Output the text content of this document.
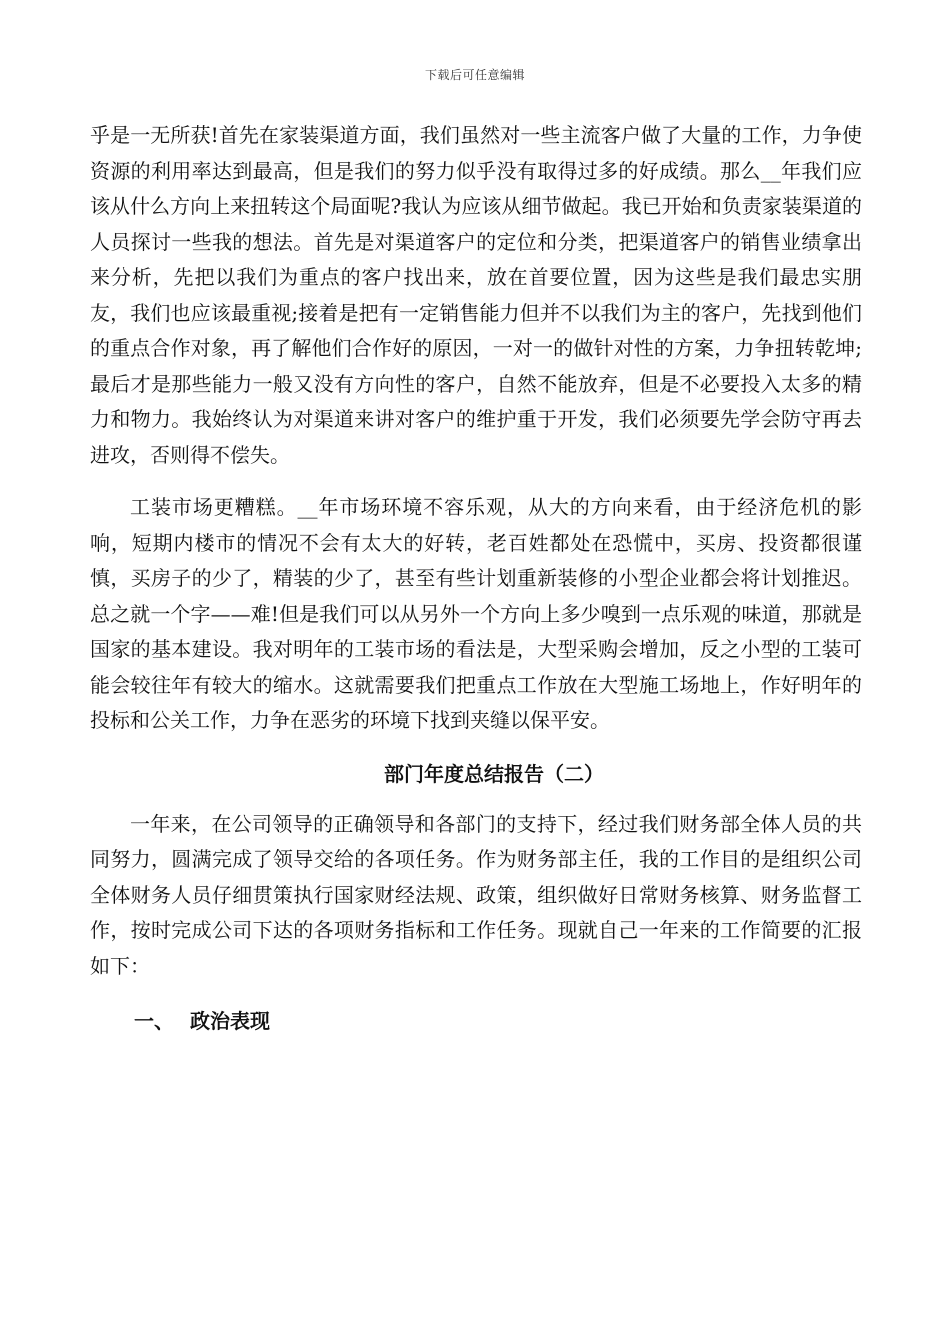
下载后可任意编辑

乎是一无所获!首先在家装渠道方面，我们虽然对一些主流客户做了大量的工作，力争使资源的利用率达到最高，但是我们的努力似乎没有取得过多的好成绩。那么__年我们应该从什么方向上来扭转这个局面呢?我认为应该从细节做起。我已开始和负责家装渠道的人员探讨一些我的想法。首先是对渠道客户的定位和分类，把渠道客户的销售业绩拿出来分析，先把以我们为重点的客户找出来，放在首要位置，因为这些是我们最忠实朋友，我们也应该最重视;接着是把有一定销售能力但并不以我们为主的客户，先找到他们的重点合作对象，再了解他们合作好的原因，一对一的做针对性的方案，力争扭转乾坤;最后才是那些能力一般又没有方向性的客户，自然不能放弃，但是不必要投入太多的精力和物力。我始终认为对渠道来讲对客户的维护重于开发，我们必须要先学会防守再去进攻，否则得不偿失。

工装市场更糟糕。__年市场环境不容乐观，从大的方向来看，由于经济危机的影响，短期内楼市的情况不会有太大的好转，老百姓都处在恐慌中，买房、投资都很谨慎，买房子的少了，精装的少了，甚至有些计划重新装修的小型企业都会将计划推迟。总之就一个字——难!但是我们可以从另外一个方向上多少嗅到一点乐观的味道，那就是国家的基本建设。我对明年的工装市场的看法是，大型采购会增加，反之小型的工装可能会较往年有较大的缩水。这就需要我们把重点工作放在大型施工场地上，作好明年的投标和公关工作，力争在恶劣的环境下找到夹缝以保平安。

部门年度总结报告（二）

一年来，在公司领导的正确领导和各部门的支持下，经过我们财务部全体人员的共同努力，圆满完成了领导交给的各项任务。作为财务部主任，我的工作目的是组织公司全体财务人员仔细贯策执行国家财经法规、政策，组织做好日常财务核算、财务监督工作，按时完成公司下达的各项财务指标和工作任务。现就自己一年来的工作简要的汇报如下：

一、 政治表现
